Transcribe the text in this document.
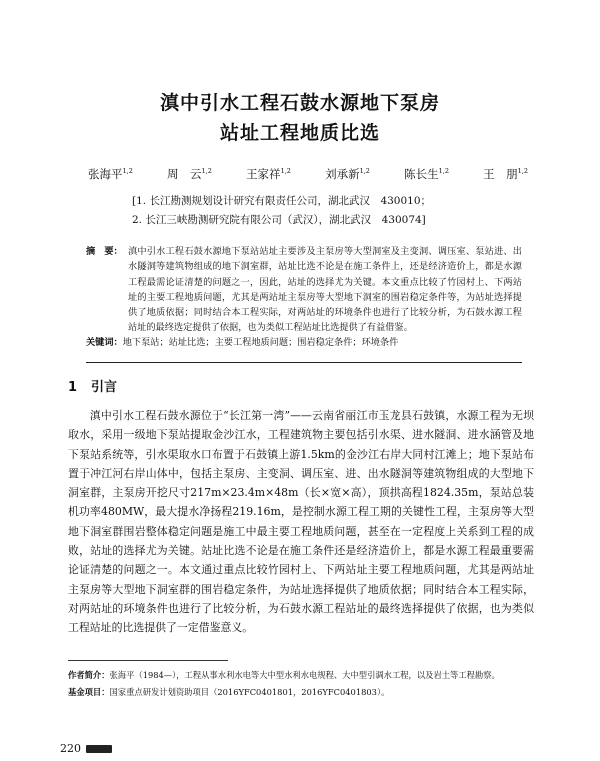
滇中引水工程石鼓水源地下泵房
站址工程地质比选
张海平$^{1,2}$	周　云$^{1,2}$	王家祥$^{1,2}$	刘承新$^{1,2}$	陈长生$^{1,2}$	王　朋$^{1,2}$
[1. 长江勘测规划设计研究有限责任公司，湖北武汉　430010；
2. 长江三峡勘测研究院有限公司（武汉），湖北武汉　430074]
摘　要： 滇中引水工程石鼓水源地下泵站站址主要涉及主泵房等大型洞室及主变洞、调压室、泵站进、出水隧洞等建筑物组成的地下洞室群，站址比选不论是在施工条件上，还是经济造价上，都是水源工程最需论证清楚的问题之一，因此，站址的选择尤为关键。本文重点比较了竹园村上、下两站址的主要工程地质问题，尤其是两站址主泵房等大型地下洞室的围岩稳定条件等，为站址选择提供了地质依据；同时结合本工程实际，对两站址的环境条件也进行了比较分析，为石鼓水源工程站址的最终选定提供了依据，也为类似工程站址比选提供了有益借鉴。
关键词：地下泵站；站址比选；主要工程地质问题；围岩稳定条件；环境条件
1 引言

滇中引水工程石鼓水源位于“长江第一湾”——云南省丽江市玉龙县石鼓镇，水源工程为无坝取水，采用一级地下泵站提取金沙江水，工程建筑物主要包括引水渠、进水隧洞、进水涵管及地下泵站系统等，引水渠取水口布置于石鼓镇上游1.5km的金沙江右岸大同村江滩上；地下泵站布置于冲江河右岸山体中，包括主泵房、主变洞、调压室、进、出水隧洞等建筑物组成的大型地下洞室群，主泵房开挖尺寸217m×23.4m×48m（长×宽×高），顶拱高程1824.35m，泵站总装机功率480MW，最大提水净扬程219.16m，是控制水源工程工期的关键性工程，主泵房等大型地下洞室群围岩整体稳定问题是施工中最主要工程地质问题，甚至在一定程度上关系到工程的成败，站址的选择尤为关键。站址比选不论是在施工条件还是经济造价上，都是水源工程最重要需论证清楚的问题之一。本文通过重点比较竹园村上、下两站址主要工程地质问题，尤其是两站址主泵房等大型地下洞室群的围岩稳定条件，为站址选择提供了地质依据；同时结合本工程实际，对两站址的环境条件也进行了比较分析，为石鼓水源工程站址的最终选择提供了依据，也为类似工程站址的比选提供了一定借鉴意义。

作者简介：张海平（1984—），工程从事水利水电等大中型水利水电规程、大中型引调水工程，以及岩土等工程勘察。
基金项目：国家重点研发计划资助项目（2016YFC0401801，2016YFC0401803）。
220
